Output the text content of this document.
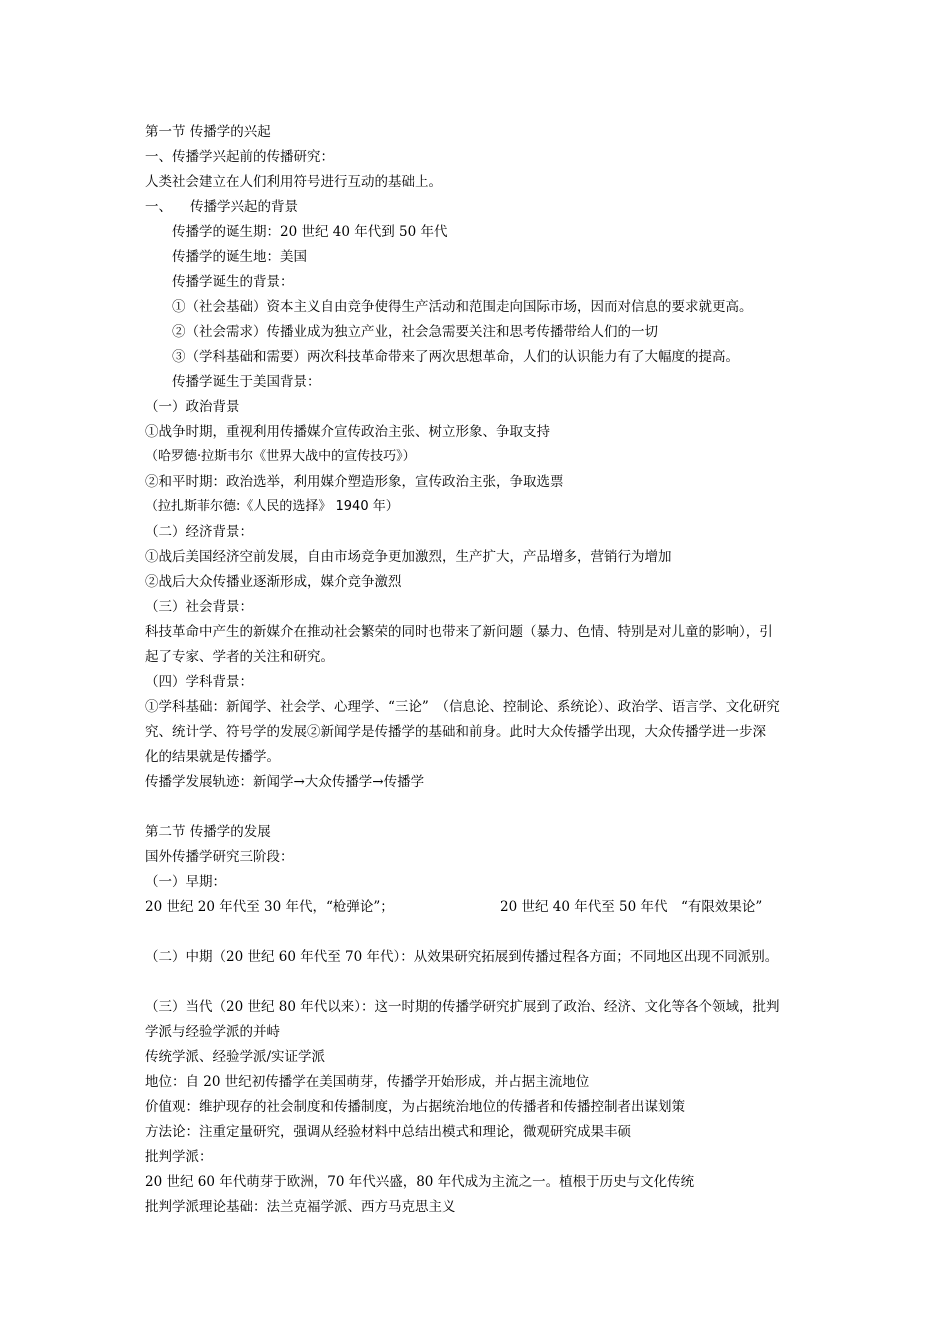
第一节 传播学的兴起
一、传播学兴起前的传播研究：
人类社会建立在人们利用符号进行互动的基础上。
一、 传播学兴起的背景
传播学的诞生期：20 世纪 40 年代到 50 年代
传播学的诞生地：美国
传播学诞生的背景：
①（社会基础）资本主义自由竞争使得生产活动和范围走向国际市场，因而对信息的要求就更高。
②（社会需求）传播业成为独立产业，社会急需要关注和思考传播带给人们的一切
③（学科基础和需要）两次科技革命带来了两次思想革命，人们的认识能力有了大幅度的提高。
传播学诞生于美国背景：
（一）政治背景
①战争时期，重视利用传播媒介宣传政治主张、树立形象、争取支持
（哈罗德·拉斯韦尔《世界大战中的宣传技巧》）
②和平时期：政治选举，利用媒介塑造形象，宣传政治主张，争取选票
（拉扎斯菲尔德:《人民的选择》 1940 年）
（二）经济背景：
①战后美国经济空前发展，自由市场竞争更加激烈，生产扩大，产品增多，营销行为增加
②战后大众传播业逐渐形成，媒介竞争激烈
（三）社会背景：
科技革命中产生的新媒介在推动社会繁荣的同时也带来了新问题（暴力、色情、特别是对儿童的影响），引
起了专家、学者的关注和研究。
（四）学科背景：
①学科基础：新闻学、社会学、心理学、“三论”　（信息论、控制论、系统论）、政治学、语言学、文化研究
究、统计学、符号学的发展②新闻学是传播学的基础和前身。此时大众传播学出现，大众传播学进一步深
化的结果就是传播学。
传播学发展轨迹：新闻学→大众传播学→传播学
第二节 传播学的发展
国外传播学研究三阶段：
（一）早期：
20 世纪 20 年代至 30 年代，“枪弹论”；	20 世纪 40 年代至 50 年代　“有限效果论”
（二）中期（20 世纪 60 年代至 70 年代）：从效果研究拓展到传播过程各方面；不同地区出现不同派别。
（三）当代（20 世纪 80 年代以来）：这一时期的传播学研究扩展到了政治、经济、文化等各个领域，批判
学派与经验学派的并峙
传统学派、经验学派/实证学派
地位：自 20 世纪初传播学在美国萌芽，传播学开始形成，并占据主流地位
价值观：维护现存的社会制度和传播制度，为占据统治地位的传播者和传播控制者出谋划策
方法论：注重定量研究，强调从经验材料中总结出模式和理论，微观研究成果丰硕
批判学派：
20 世纪 60 年代萌芽于欧洲，70 年代兴盛，80 年代成为主流之一。植根于历史与文化传统
批判学派理论基础：法兰克福学派、西方马克思主义
